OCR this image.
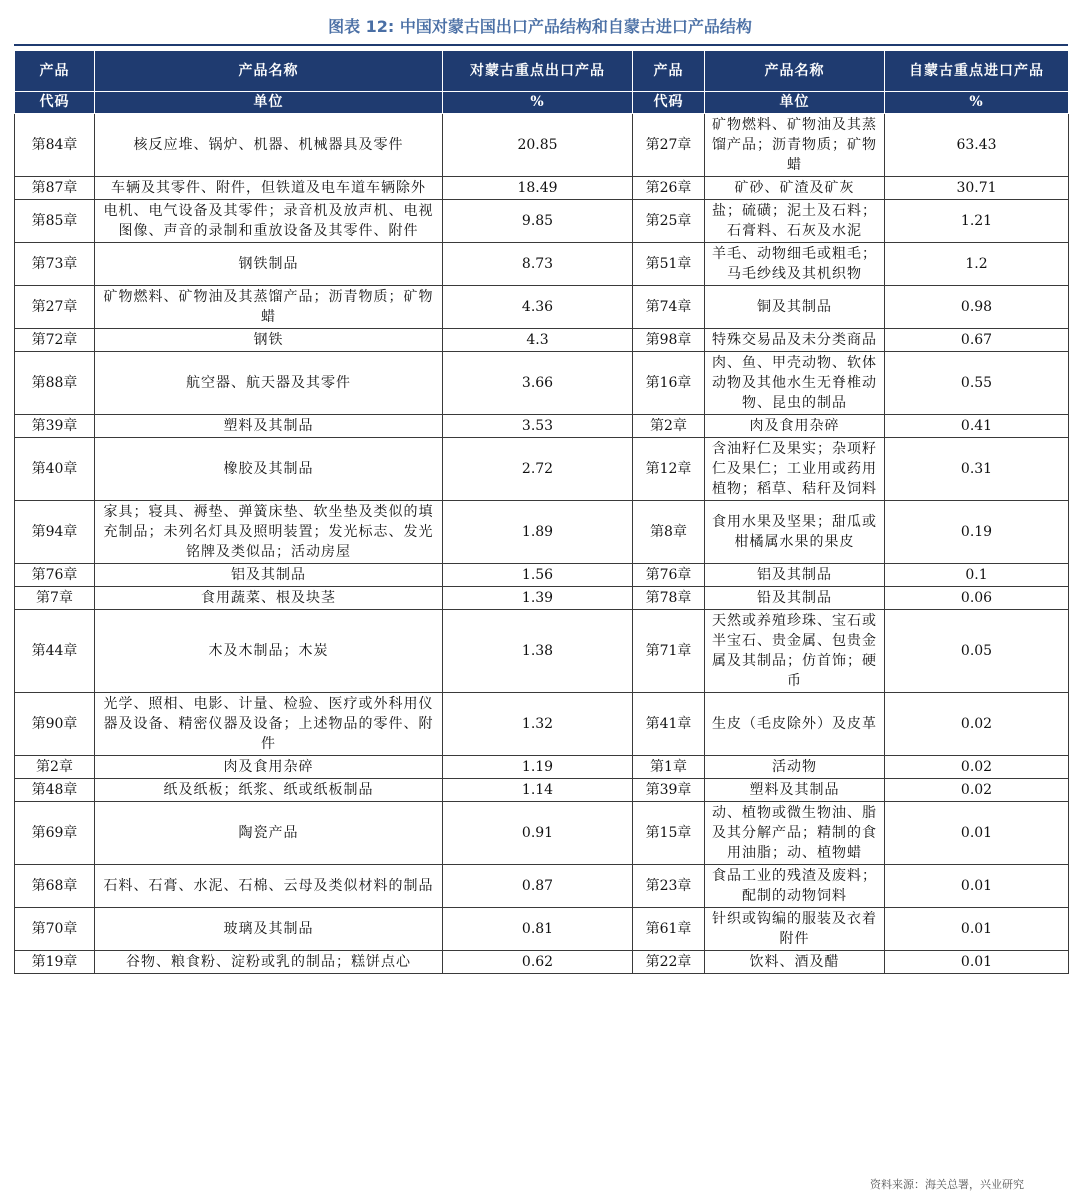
图表 12: 中国对蒙古国出口产品结构和自蒙古进口产品结构
产品	产品名称	对蒙古重点出口产品	产品	产品名称	自蒙古重点进口产品
代码	单位	%	代码	单位	%
第84章	核反应堆、锅炉、机器、机械器具及零件	20.85	第27章	矿物燃料、矿物油及其蒸馏产品；沥青物质；矿物蜡	63.43
第87章	车辆及其零件、附件，但铁道及电车道车辆除外	18.49	第26章	矿砂、矿渣及矿灰	30.71
第85章	电机、电气设备及其零件；录音机及放声机、电视图像、声音的录制和重放设备及其零件、附件	9.85	第25章	盐；硫磺；泥土及石料；石膏料、石灰及水泥	1.21
第73章	钢铁制品	8.73	第51章	羊毛、动物细毛或粗毛；马毛纱线及其机织物	1.2
第27章	矿物燃料、矿物油及其蒸馏产品；沥青物质；矿物蜡	4.36	第74章	铜及其制品	0.98
第72章	钢铁	4.3	第98章	特殊交易品及未分类商品	0.67
第88章	航空器、航天器及其零件	3.66	第16章	肉、鱼、甲壳动物、软体动物及其他水生无脊椎动物、昆虫的制品	0.55
第39章	塑料及其制品	3.53	第2章	肉及食用杂碎	0.41
第40章	橡胶及其制品	2.72	第12章	含油籽仁及果实；杂项籽仁及果仁；工业用或药用植物；稻草、秸秆及饲料	0.31
第94章	家具；寝具、褥垫、弹簧床垫、软坐垫及类似的填充制品；未列名灯具及照明装置；发光标志、发光铭牌及类似品；活动房屋	1.89	第8章	食用水果及坚果；甜瓜或柑橘属水果的果皮	0.19
第76章	铝及其制品	1.56	第76章	铝及其制品	0.1
第7章	食用蔬菜、根及块茎	1.39	第78章	铅及其制品	0.06
第44章	木及木制品；木炭	1.38	第71章	天然或养殖珍珠、宝石或半宝石、贵金属、包贵金属及其制品；仿首饰；硬币	0.05
第90章	光学、照相、电影、计量、检验、医疗或外科用仪器及设备、精密仪器及设备；上述物品的零件、附件	1.32	第41章	生皮（毛皮除外）及皮革	0.02
第2章	肉及食用杂碎	1.19	第1章	活动物	0.02
第48章	纸及纸板；纸浆、纸或纸板制品	1.14	第39章	塑料及其制品	0.02
第69章	陶瓷产品	0.91	第15章	动、植物或微生物油、脂及其分解产品；精制的食用油脂；动、植物蜡	0.01
第68章	石料、石膏、水泥、石棉、云母及类似材料的制品	0.87	第23章	食品工业的残渣及废料；配制的动物饲料	0.01
第70章	玻璃及其制品	0.81	第61章	针织或钩编的服装及衣着附件	0.01
第19章	谷物、粮食粉、淀粉或乳的制品；糕饼点心	0.62	第22章	饮料、酒及醋	0.01
资料来源：海关总署，兴业研究
